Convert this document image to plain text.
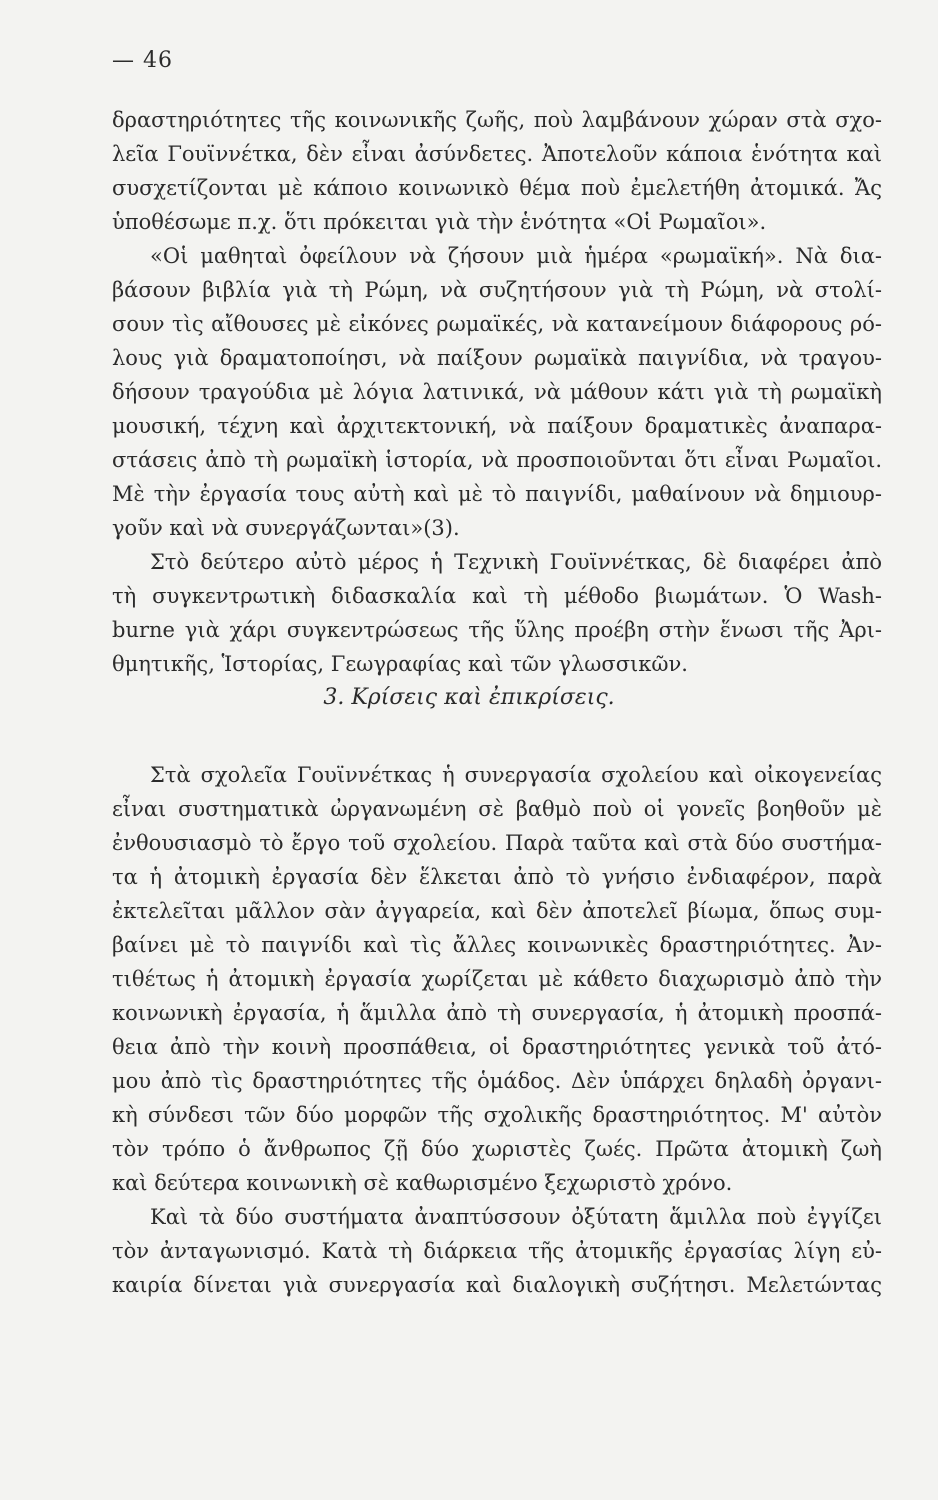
— 46
δραστηριότητες τῆς κοινωνικῆς ζωῆς, ποὺ λαμβάνουν χώραν στὰ σχο-
λεῖα Γουϊννέτκα, δὲν εἶναι ἀσύνδετες. Ἀποτελοῦν κάποια ἑνότητα καὶ
συσχετίζονται μὲ κάποιο κοινωνικὸ θέμα ποὺ ἐμελετήθη ἀτομικά. Ἄς
ὑποθέσωμε π.χ. ὅτι πρόκειται γιὰ τὴν ἑνότητα «Οἱ Ρωμαῖοι».
«Οἱ μαθηταὶ ὀφείλουν νὰ ζήσουν μιὰ ἡμέρα «ρωμαϊκή». Νὰ δια-
βάσουν βιβλία γιὰ τὴ Ρώμη, νὰ συζητήσουν γιὰ τὴ Ρώμη, νὰ στολί-
σουν τὶς αἴθουσες μὲ εἰκόνες ρωμαϊκές, νὰ κατανείμουν διάφορους ρό-
λους γιὰ δραματοποίησι, νὰ παίξουν ρωμαϊκὰ παιγνίδια, νὰ τραγου-
δήσουν τραγούδια μὲ λόγια λατινικά, νὰ μάθουν κάτι γιὰ τὴ ρωμαϊκὴ
μουσική, τέχνη καὶ ἀρχιτεκτονική, νὰ παίξουν δραματικὲς ἀναπαρα-
στάσεις ἀπὸ τὴ ρωμαϊκὴ ἱστορία, νὰ προσποιοῦνται ὅτι εἶναι Ρωμαῖοι.
Μὲ τὴν ἐργασία τους αὐτὴ καὶ μὲ τὸ παιγνίδι, μαθαίνουν νὰ δημιουρ-
γοῦν καὶ νὰ συνεργάζωνται»(3).
Στὸ δεύτερο αὐτὸ μέρος ἡ Τεχνικὴ Γουϊννέτκας, δὲ διαφέρει ἀπὸ
τὴ συγκεντρωτικὴ διδασκαλία καὶ τὴ μέθοδο βιωμάτων. Ὁ Wash-
burne γιὰ χάρι συγκεντρώσεως τῆς ὕλης προέβη στὴν ἕνωσι τῆς Ἀρι-
θμητικῆς, Ἱστορίας, Γεωγραφίας καὶ τῶν γλωσσικῶν.
3. Κρίσεις καὶ ἐπικρίσεις.
Στὰ σχολεῖα Γουϊννέτκας ἡ συνεργασία σχολείου καὶ οἰκογενείας
εἶναι συστηματικὰ ὠργανωμένη σὲ βαθμὸ ποὺ οἱ γονεῖς βοηθοῦν μὲ
ἐνθουσιασμὸ τὸ ἔργο τοῦ σχολείου. Παρὰ ταῦτα καὶ στὰ δύο συστήμα-
τα ἡ ἀτομικὴ ἐργασία δὲν ἕλκεται ἀπὸ τὸ γνήσιο ἐνδιαφέρον, παρὰ
ἐκτελεῖται μᾶλλον σὰν ἀγγαρεία, καὶ δὲν ἀποτελεῖ βίωμα, ὅπως συμ-
βαίνει μὲ τὸ παιγνίδι καὶ τὶς ἄλλες κοινωνικὲς δραστηριότητες. Ἀν-
τιθέτως ἡ ἀτομικὴ ἐργασία χωρίζεται μὲ κάθετο διαχωρισμὸ ἀπὸ τὴν
κοινωνικὴ ἐργασία, ἡ ἅμιλλα ἀπὸ τὴ συνεργασία, ἡ ἀτομικὴ προσπά-
θεια ἀπὸ τὴν κοινὴ προσπάθεια, οἱ δραστηριότητες γενικὰ τοῦ ἀτό-
μου ἀπὸ τὶς δραστηριότητες τῆς ὁμάδος. Δὲν ὑπάρχει δηλαδὴ ὀργανι-
κὴ σύνδεσι τῶν δύο μορφῶν τῆς σχολικῆς δραστηριότητος. Μ' αὐτὸν
τὸν τρόπο ὁ ἄνθρωπος ζῇ δύο χωριστὲς ζωές. Πρῶτα ἀτομικὴ ζωὴ
καὶ δεύτερα κοινωνικὴ σὲ καθωρισμένο ξεχωριστὸ χρόνο.
Καὶ τὰ δύο συστήματα ἀναπτύσσουν ὀξύτατη ἅμιλλα ποὺ ἐγγίζει
τὸν ἀνταγωνισμό. Κατὰ τὴ διάρκεια τῆς ἀτομικῆς ἐργασίας λίγη εὐ-
καιρία δίνεται γιὰ συνεργασία καὶ διαλογικὴ συζήτησι. Μελετώντας
